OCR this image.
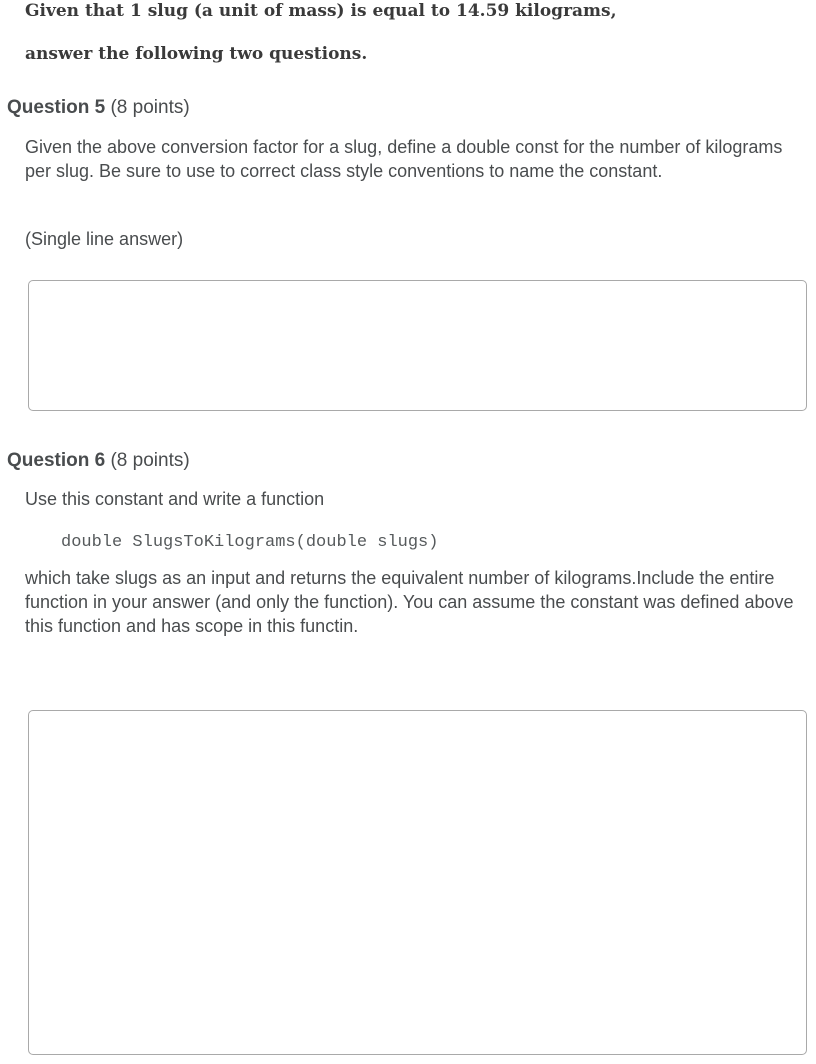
Given that 1 slug (a unit of mass) is equal to 14.59 kilograms,
answer the following two questions.
Question 5 (8 points)
Given the above conversion factor for a slug, define a double const for the number of kilograms per slug. Be sure to use to correct class style conventions to name the constant.
(Single line answer)
Question 6 (8 points)
Use this constant and write a function
double SlugsToKilograms(double slugs)
which take slugs as an input and returns the equivalent number of kilograms.Include the entire function in your answer (and only the function). You can assume the constant was defined above this function and has scope in this functin.
